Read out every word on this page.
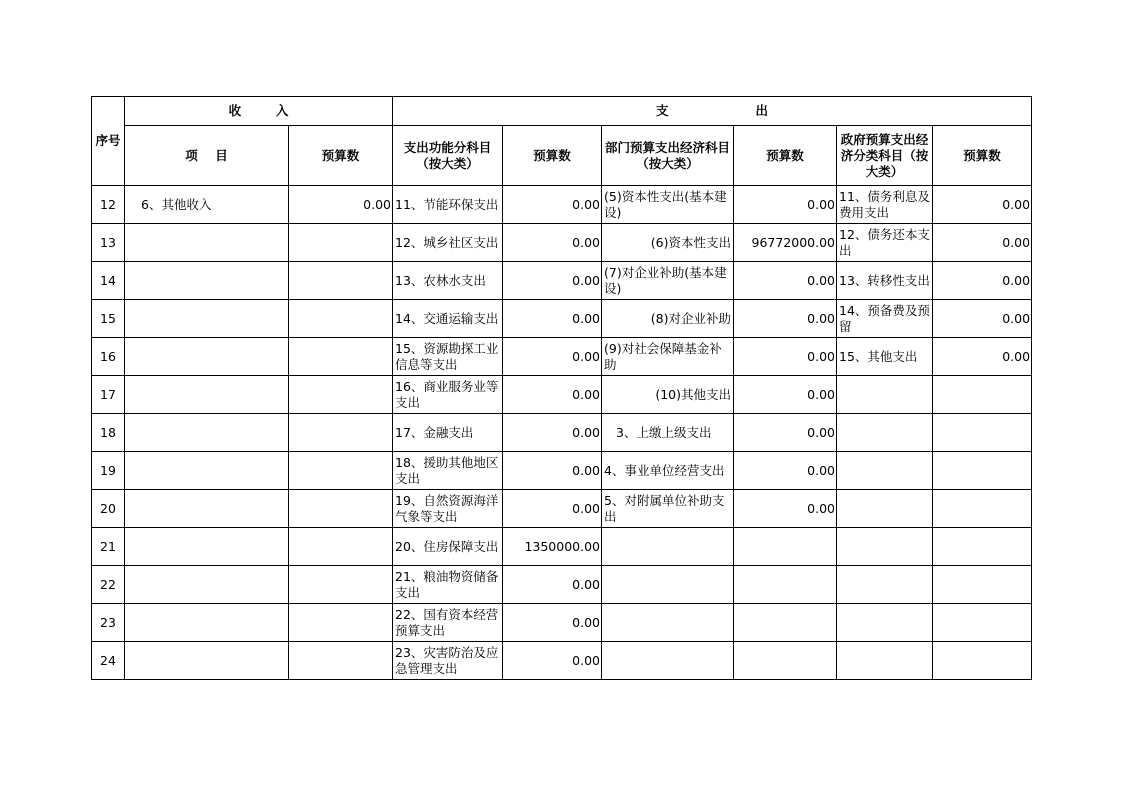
序号	收        入		支                    出					
	项    目	预算数	支出功能分科目（按大类）	预算数	部门预算支出经济科目（按大类）	预算数	政府预算支出经济分类科目（按大类）	预算数
12	6、其他收入	0.00	11、节能环保支出	0.00	(5)资本性支出(基本建设)	0.00	11、债务利息及费用支出	0.00
13			12、城乡社区支出	0.00	(6)资本性支出	96772000.00	12、债务还本支出	0.00
14			13、农林水支出	0.00	(7)对企业补助(基本建设)	0.00	13、转移性支出	0.00
15			14、交通运输支出	0.00	(8)对企业补助	0.00	14、预备费及预留	0.00
16			15、资源勘探工业信息等支出	0.00	(9)对社会保障基金补助	0.00	15、其他支出	0.00
17			16、商业服务业等支出	0.00	(10)其他支出	0.00		
18			17、金融支出	0.00	3、上缴上级支出	0.00		
19			18、援助其他地区支出	0.00	4、事业单位经营支出	0.00		
20			19、自然资源海洋气象等支出	0.00	5、对附属单位补助支出	0.00		
21			20、住房保障支出	1350000.00				
22			21、粮油物资储备支出	0.00				
23			22、国有资本经营预算支出	0.00				
24			23、灾害防治及应急管理支出	0.00				
